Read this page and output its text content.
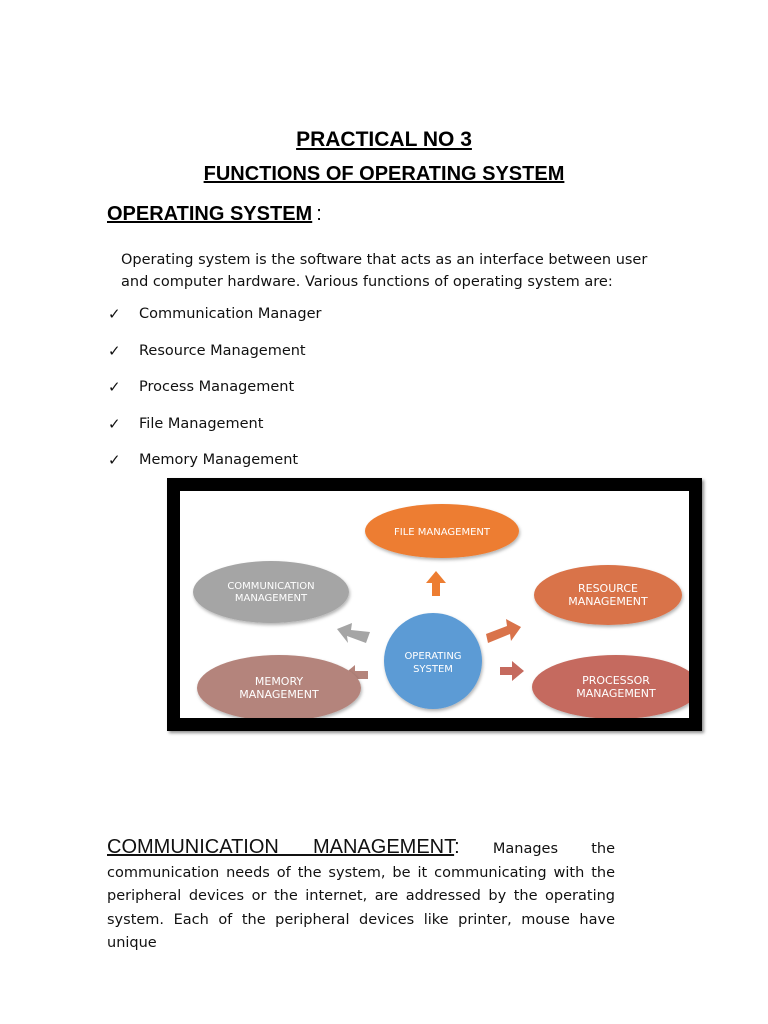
PRACTICAL NO 3
FUNCTIONS OF OPERATING SYSTEM
OPERATING SYSTEM :
Operating system is the software that acts as an interface between user and computer hardware. Various functions of operating system are:
✓	Communication Manager
✓	Resource Management
✓	Process Management
✓	File Management
✓	Memory Management
FILE MANAGEMENT
COMMUNICATION
MANAGEMENT
RESOURCE
MANAGEMENT
OPERATING
SYSTEM
MEMORY
MANAGEMENT
PROCESSOR
MANAGEMENT
COMMUNICATION MANAGEMENT: Manages the communication needs of the system, be it communicating with the peripheral devices or the internet, are addressed by the operating system. Each of the peripheral devices like printer, mouse have unique
